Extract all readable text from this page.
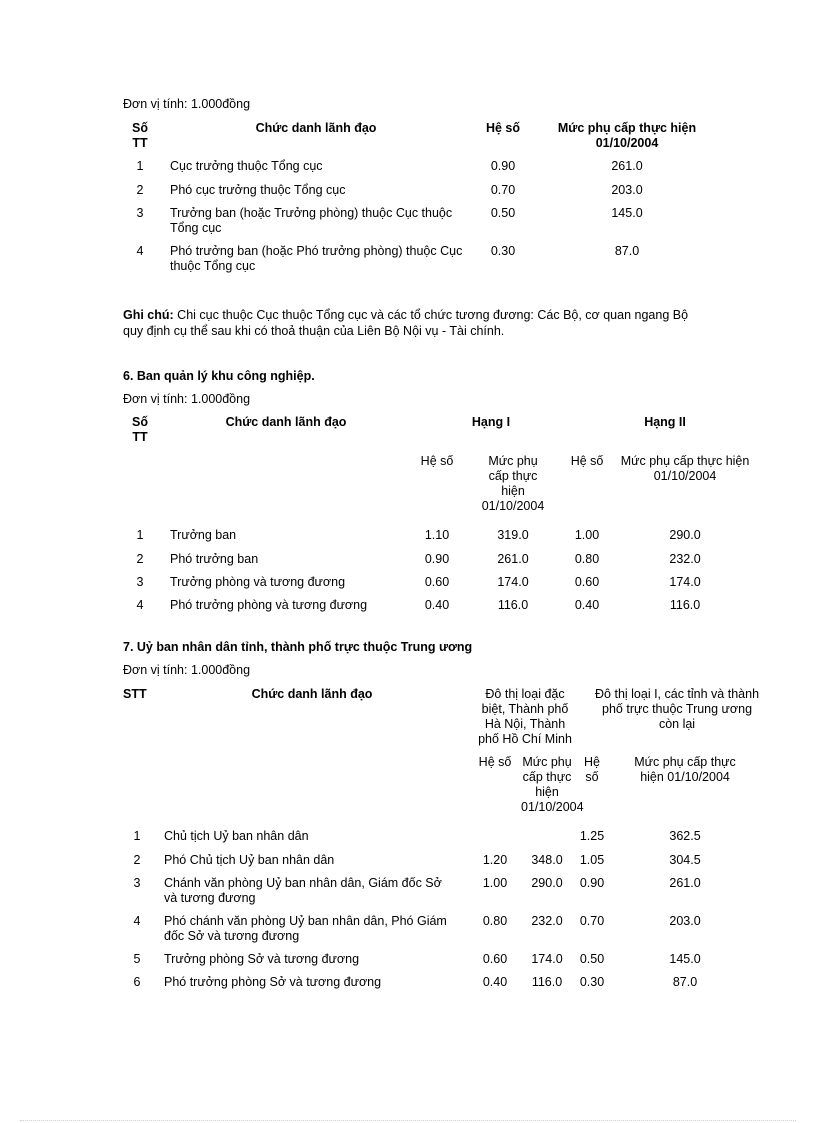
Đơn vị tính: 1.000đồng
Số TT	Chức danh lãnh đạo	Hệ số	Mức phụ cấp thực hiện 01/10/2004
1	Cục trưởng thuộc Tổng cục	0.90	261.0
2	Phó cục trưởng thuộc Tổng cục	0.70	203.0
3	Trưởng ban (hoặc Trưởng phòng) thuộc Cục thuộc Tổng cục	0.50	145.0
4	Phó trưởng ban (hoặc Phó trưởng phòng) thuộc Cục thuộc Tổng cục	0.30	87.0
Ghi chú: Chi cục thuộc Cục thuộc Tổng cục và các tổ chức tương đương: Các Bộ, cơ quan ngang Bộ quy định cụ thể sau khi có thoả thuận của Liên Bộ Nội vụ - Tài chính.
6. Ban quản lý khu công nghiệp.
Đơn vị tính: 1.000đồng
Số TT	Chức danh lãnh đạo	Hạng I		Hạng II	
		Hệ số	Mức phụ cấp thực hiện 01/10/2004	Hệ số	Mức phụ cấp thực hiện 01/10/2004
1	Trưởng ban	1.10	319.0	1.00	290.0
2	Phó trưởng ban	0.90	261.0	0.80	232.0
3	Trưởng phòng và tương đương	0.60	174.0	0.60	174.0
4	Phó trưởng phòng và tương đương	0.40	116.0	0.40	116.0
7. Uỷ ban nhân dân tỉnh, thành phố trực thuộc Trung ương
Đơn vị tính: 1.000đồng
STT	Chức danh lãnh đạo	Đô thị loại đặc biệt, Thành phố Hà Nội, Thành phố Hồ Chí Minh		Đô thị loại I, các tỉnh và thành phố trực thuộc Trung ương còn lại	
		Hệ số	Mức phụ cấp thực hiện 01/10/2004	Hệ số	Mức phụ cấp thực hiện 01/10/2004
1	Chủ tịch Uỷ ban nhân dân			1.25	362.5
2	Phó Chủ tịch Uỷ ban nhân dân	1.20	348.0	1.05	304.5
3	Chánh văn phòng Uỷ ban nhân dân, Giám đốc Sở và tương đương	1.00	290.0	0.90	261.0
4	Phó chánh văn phòng Uỷ ban nhân dân, Phó Giám đốc Sở và tương đương	0.80	232.0	0.70	203.0
5	Trưởng phòng Sở và tương đương	0.60	174.0	0.50	145.0
6	Phó trưởng phòng Sở và tương đương	0.40	116.0	0.30	87.0
